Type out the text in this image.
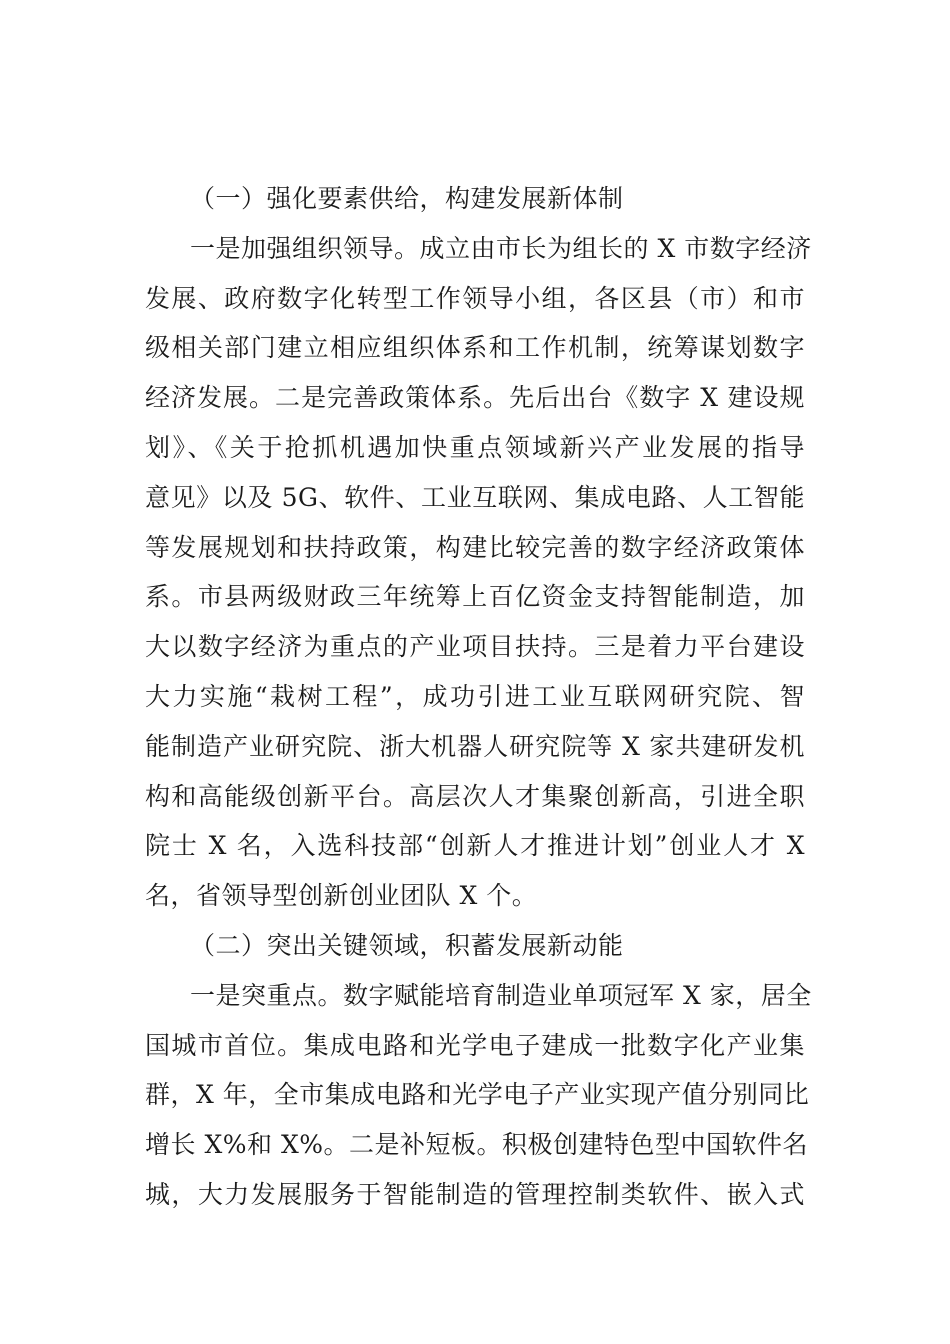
（一）强化要素供给，构建发展新体制
一是加强组织领导。成立由市长为组长的 X 市数字经济
发展、政府数字化转型工作领导小组，各区县（市）和市
级相关部门建立相应组织体系和工作机制，统筹谋划数字
经济发展。二是完善政策体系。先后出台《数字 X 建设规
划》、《关于抢抓机遇加快重点领域新兴产业发展的指导
意见》以及 5G、软件、工业互联网、集成电路、人工智能
等发展规划和扶持政策，构建比较完善的数字经济政策体
系。市县两级财政三年统筹上百亿资金支持智能制造，加
大以数字经济为重点的产业项目扶持。三是着力平台建设
大力实施“栽树工程”，成功引进工业互联网研究院、智
能制造产业研究院、浙大机器人研究院等 X 家共建研发机
构和高能级创新平台。高层次人才集聚创新高，引进全职
院士 X 名，入选科技部“创新人才推进计划”创业人才 X
名，省领导型创新创业团队 X 个。
（二）突出关键领域，积蓄发展新动能
一是突重点。数字赋能培育制造业单项冠军 X 家，居全
国城市首位。集成电路和光学电子建成一批数字化产业集
群，X 年，全市集成电路和光学电子产业实现产值分别同比
增长 X%和 X%。二是补短板。积极创建特色型中国软件名
城，大力发展服务于智能制造的管理控制类软件、嵌入式
